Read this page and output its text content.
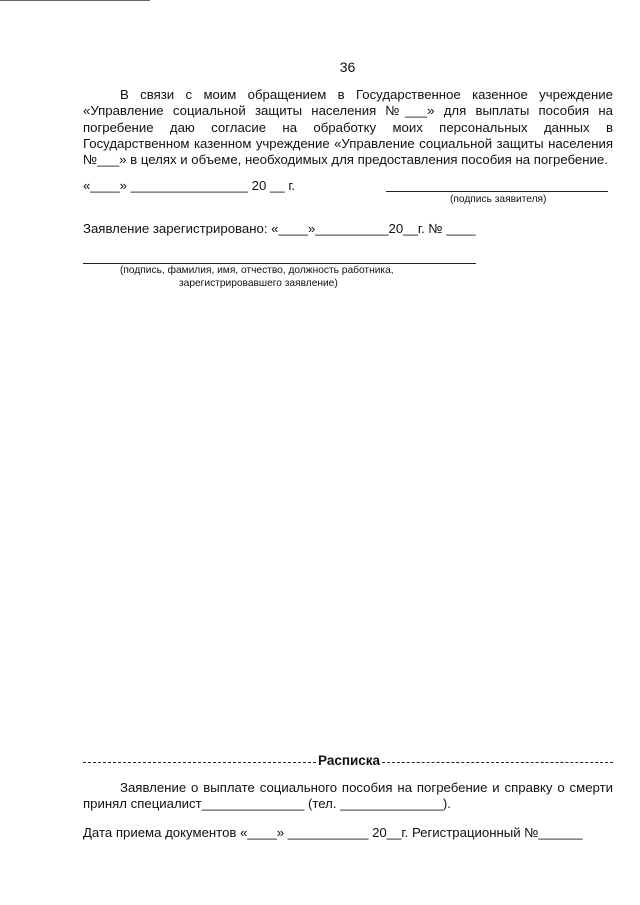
36
В связи с моим обращением в Государственное казенное учреждение «Управление социальной защиты населения №___» для выплаты пособия на погребение даю согласие на обработку моих персональных данных в Государственном казенном учреждение «Управление социальной защиты населения №___» в целях и объеме, необходимых для предоставления пособия на погребение.
«____» ________________ 20 __ г.
(подпись заявителя)
Заявление зарегистрировано: «____»__________20__г. № ____
(подпись, фамилия, имя, отчество, должность работника,
зарегистрировавшего заявление)
Расписка
Заявление о выплате социального пособия на погребение и справку о смерти принял специалист______________ (тел. ______________).
Дата приема документов «____» ___________ 20__г. Регистрационный №______
